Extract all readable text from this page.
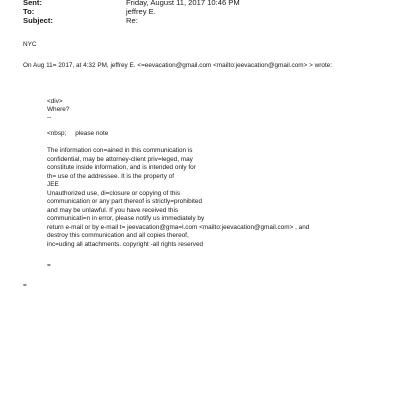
Sent:	Friday, August 11, 2017 10:46 PM
To:	jeffrey E.
Subject:	Re:
NYC
On Aug 11= 2017, at 4:32 PM, jeffrey E. <=eevacation@gmail.com <mailto:jeevacation@gmail.com> > wrote:
<div>
Where?
--
<nbsp;     please note
The information con=ained in this communication is
confidential, may be attorney-client priv=leged, may
constitute inside information, and is intended only for
th= use of the addressee. It is the property of
JEE
Unauthorized use, di=closure or copying of this
communication or any part thereof is strictly=prohibited
and may be unlawful. If you have received this
communicati=n in error, please notify us immediately by
return e-mail or by e-mail t= jeevacation@gma=l.com <mailto:jeevacation@gmail.com> , and
destroy this communication and all copies thereof,
inc=uding all attachments. copyright -all rights reserved
=
=
